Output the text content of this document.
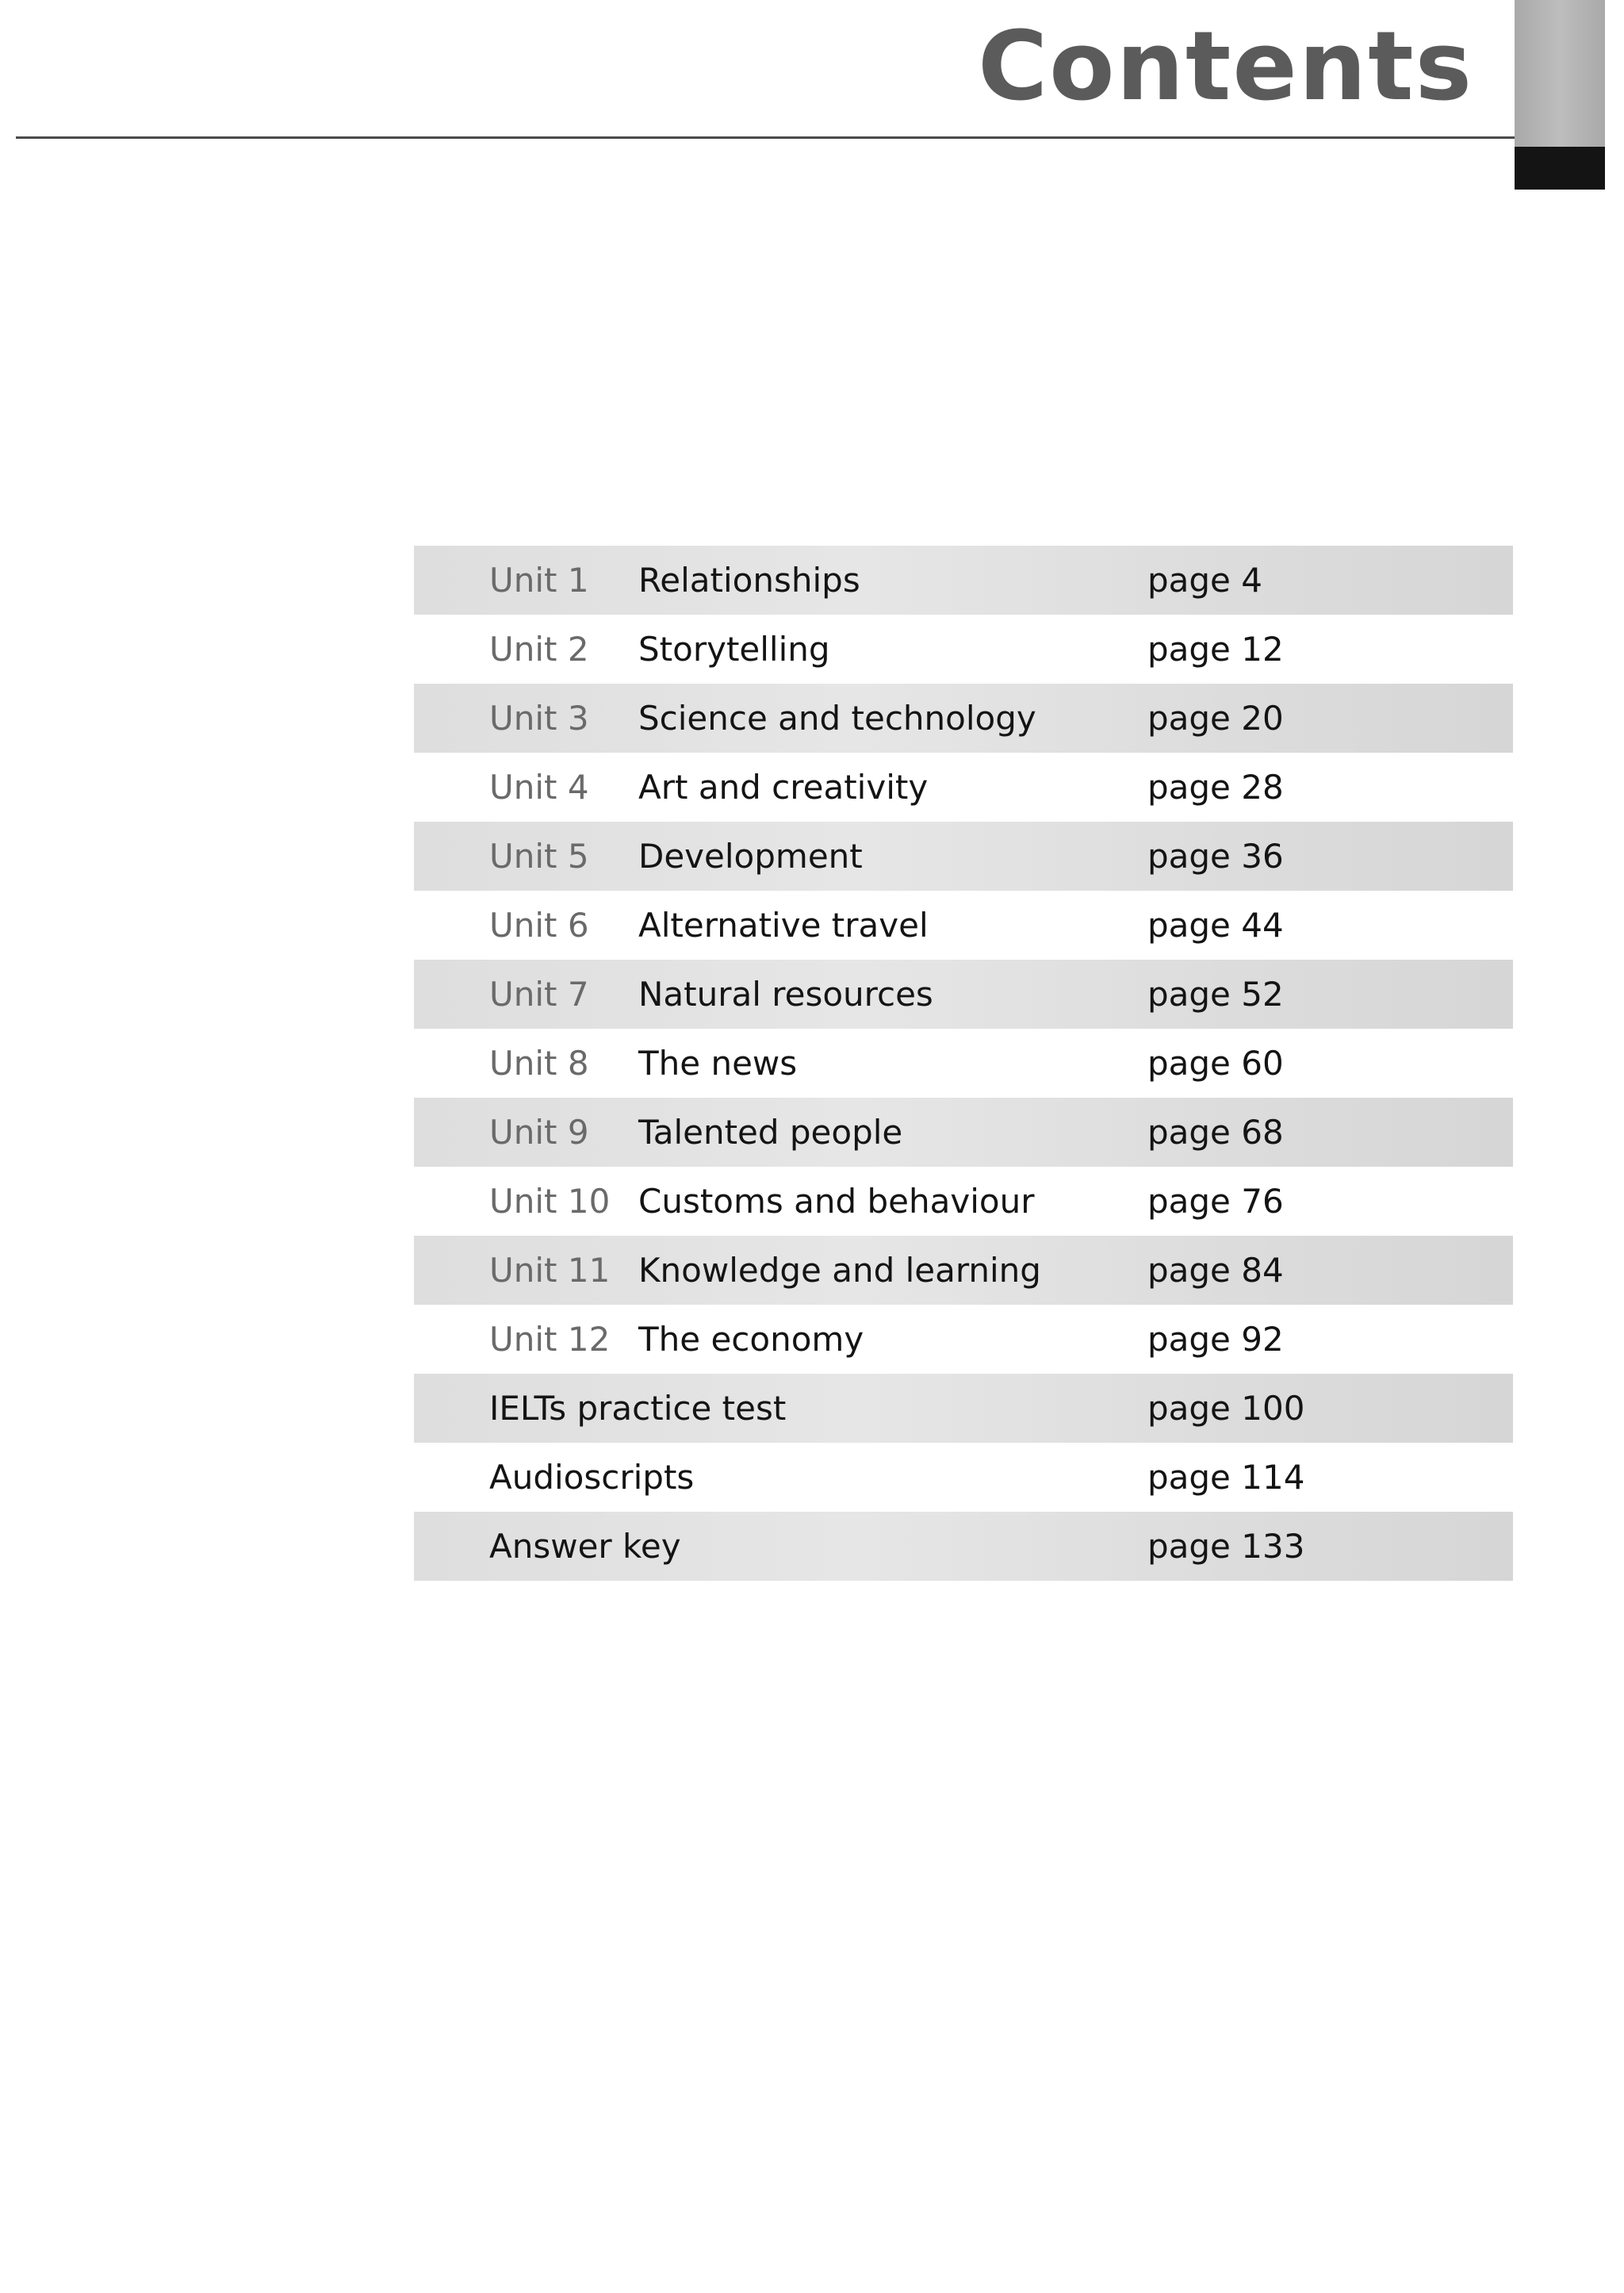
Contents
Unit 1 Relationships	page 4
Unit 2 Storytelling	page 12
Unit 3 Science and technology	page 20
Unit 4 Art and creativity	page 28
Unit 5 Development	page 36
Unit 6 Alternative travel	page 44
Unit 7 Natural resources	page 52
Unit 8 The news	page 60
Unit 9 Talented people	page 68
Unit 10 Customs and behaviour	page 76
Unit 11 Knowledge and learning	page 84
Unit 12 The economy	page 92
IELTs practice test	page 100
Audioscripts	page 114
Answer key	page 133
